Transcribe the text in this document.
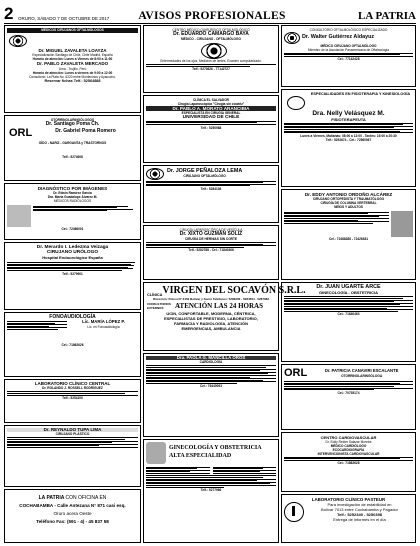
2	ORURO, SÁBADO 7 DE OCTUBRE DE 2017	AVISOS PROFESIONALES	LA PATRIA
MÉDICOS CIRUJANOS OFTALMÓLOGOS
Dr. MIGUEL ZAVALETA LOAYZA
Especialización Santiago de Chile, Chile Madrid, España
Horario de atención: Lunes a Viernes de 8:00 a 11:00
Dr. PABLO ZAVALETA MERCADO
Lima - Trujillo, Perú
Horario de atención: Lunes a viernes de 9:00 a 12:00
Consultorio: La Plata No. 6220 entre Montecinos y Ayacucho.
Reservar fichas Telf.: 52564888
OTORRINOLARINGÓLOGOS
Dr. Santiago Poma Ch.
ORL	Dr. Gabriel Poma Romero
OÍDO - NARIZ - GARGANTA y TRASTORNOS
Telf.: 5274608
DIAGNÓSTICO POR IMÁGENES
Dr. Edwin Ramírez García
Dra. Marta Guadalupe Álvarez M.
MÉDICOS RADIÓLOGOS
Cel.: 72486001
Dr. Merardo I. Ledezma Veizaga
CIRUJANO URÓLOGO
Hospital Endourológico España
Telf.: 5279901
FONOAUDIOLOGÍA
Lic. MARÍA LÓPEZ P.
Lic. en Fonoaudiología
Cel.: 71862626
LABORATORIO CLÍNICO CENTRAL
Dr. ROLANDO J. ROSSELL RODRÍGUEZ
Telf.: 5254100
Dr. REYNALDO TUPA LIMA
CIRUJANO PLÁSTICO
LA PATRIA CON OFICINA EN
COCHABAMBA - Calle Antezana N° 871 casi esq.
Oruro acera Oeste
Teléfono Fax: (591 - 4) - 45 837 58
CENTRO MÉDICO QUIRÚRGICO OFTALMOLÓGICO
Dr. EDUARDO CAMARGO BAYA
MÉDICO - CIRUJANO - OFTALMÓLOGO
Enfermedades de los ojos. Medición de lentes. Examen computarizado.
Telf.: 5273626 - 77142727
CLÍNICA EL SALVADOR
Cirugía Laparoscópica "Cirugía sin cicatriz"
Dr. PABLO A. MORATO ARANCIBIA
ESPECIALISTA EN CIRUGÍA GENERAL
UNIVERSIDAD DE CHILE
Telf.: 5250988
Dr. JORGE PEÑALOZA LEMA
CIRUJANO OFTALMÓLOGO
Telf.: 5284136
CIRUGÍA LAPAROSCÓPICA DE VESÍCULA
Dr. XIXTO GUZMÁN SOLIZ
CIRUGÍA DE HERNIAS SIN CORTE
Telf.: 5282788 - Cel.: 71840366
CLÍNICA VIRGEN DEL SOCAVÓN S.R.L.
Dirección: Potosí N° 6152 Bolívar y Sucre Teléfonos: 5283300 - 5284564 - 5287082
CONSULTORIOS EXTERNOS	ATENCIÓN LAS 24 HORAS
UCIN, CONFORTABLE, MODERNA, CÉNTRICA,
ESPECIALISTAS DE PRESTIGIO, LABORATORIO,
FARMACIA Y RADIOLOGÍA, ATENCIÓN
EMERGENCIAS, AMBULANCIA
Dra. PAOLA G. MANCILLA OROS
CARDIOLOGÍA
Cel.: 76440093
GINECOLOGÍA Y OBSTETRICIA
ALTA ESPECIALIDAD
Telf.: 5277966
CONSULTORIO OFTALMOLÓGICO ESPECIALIZADO
Dr. Walter Gutiérrez Aldayuz
MÉDICO CIRUJANO OFTALMÓLOGO
Miembro de la Asociación Panamericana de Oftalmología
Cel.: 77142428
ESPECIALIDADES EN FISIOTERAPIA Y KINESIOLOGÍA
Dra. Nelly Velásquez M.
FISIOTERAPEUTA
Lunes a Viernes, Mañanas: 08:00 a 12:00 - Tardes: 15:00 a 20:30
Telf.: 5252674 - Cel.: 72560067
Dr. EDDY ANTONIO ORDOÑO ALCÁREZ
CIRUJANO ORTOPEDISTA Y TRAUMATÓLOGO
CIRUGÍA DE COLUMNA VERTEBRAL
NIÑOS Y ADULTOS
Cel.: 72488288 - 72426381
Dr. JUAN UGARTE ARCE
GINECOLOGÍA - OBSTETRICIA
Cel.: 71840463
ORL	Dr. PATRICIA CANAVIRI ESCALANTE
OTORRINOLARINGÓLOGA
Cel.: 70735174
CENTRO CARDIOVASCULAR
Dr. Eddy Reider Salazar Moreira
MÉDICO CARDIÓLOGO
ECOCARDIOGRAFÍA
INTERVENCIONISTA CARDIOVASCULAR
Cel.: 71862628
LABORATORIO CLÍNICO PASTEUR
Para investigación de estabilidad en
Bolívar 7013 entre Cochabamba y Pagador
Telf.: 5252349 - 5250398
Entrega de informes en el día
